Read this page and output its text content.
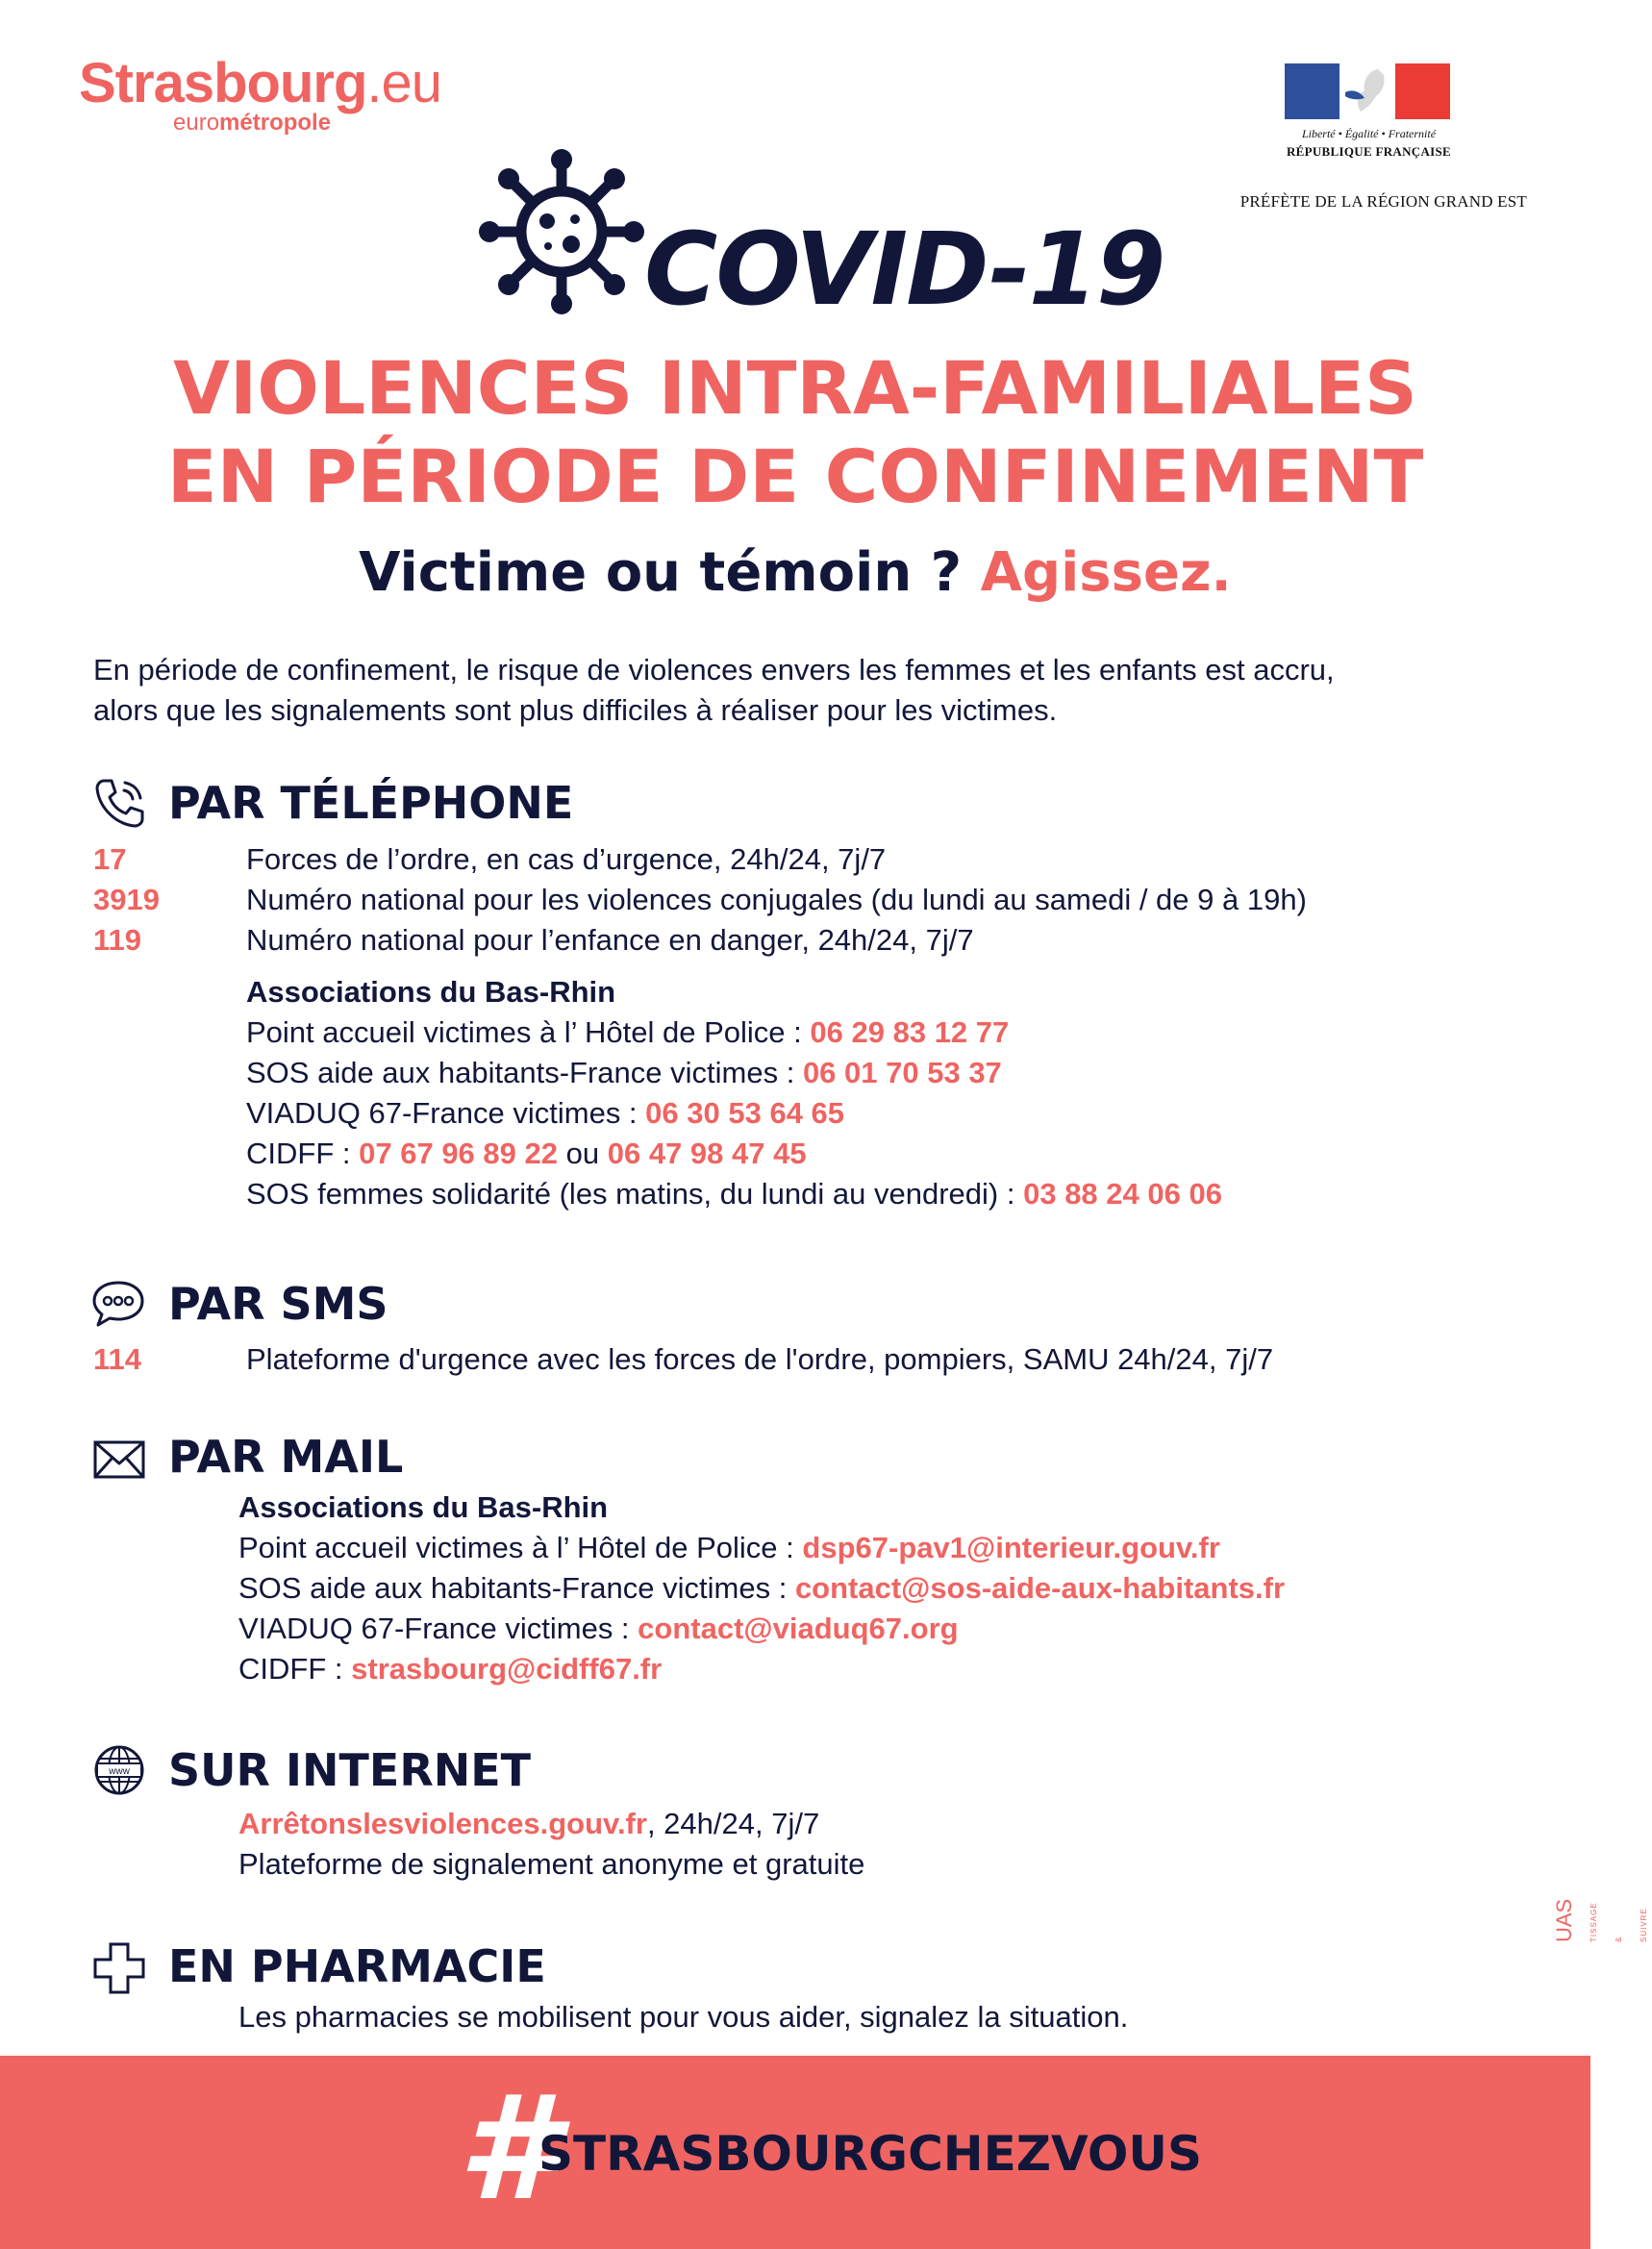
Strasbourg.eu
eurométropole	Liberté • Égalité • Fraternité
RÉPUBLIQUE FRANÇAISE
PRÉFÈTE DE LA RÉGION GRAND EST
COVID-19
VIOLENCES INTRA-FAMILIALES
EN PÉRIODE DE CONFINEMENT
Victime ou témoin ? Agissez.
En période de confinement, le risque de violences envers les femmes et les enfants est accru,
alors que les signalements sont plus difficiles à réaliser pour les victimes.
PAR TÉLÉPHONE
17	Forces de l’ordre, en cas d’urgence, 24h/24, 7j/7
3919	Numéro national pour les violences conjugales (du lundi au samedi / de 9 à 19h)
119	Numéro national pour l’enfance en danger, 24h/24, 7j/7
Associations du Bas-Rhin
Point accueil victimes à l’ Hôtel de Police : 06 29 83 12 77
SOS aide aux habitants-France victimes : 06 01 70 53 37
VIADUQ 67-France victimes : 06 30 53 64 65
CIDFF : 07 67 96 89 22 ou 06 47 98 47 45
SOS femmes solidarité (les matins, du lundi au vendredi) : 03 88 24 06 06
PAR SMS
114	Plateforme d'urgence avec les forces de l'ordre, pompiers, SAMU 24h/24, 7j/7
PAR MAIL
Associations du Bas-Rhin
Point accueil victimes à l’ Hôtel de Police : dsp67-pav1@interieur.gouv.fr
SOS aide aux habitants-France victimes : contact@sos-aide-aux-habitants.fr
VIADUQ 67-France victimes : contact@viaduq67.org
CIDFF : strasbourg@cidff67.fr
www SUR INTERNET
Arrêtonslesviolences.gouv.fr, 24h/24, 7j/7
Plateforme de signalement anonyme et gratuite
EN PHARMACIE
Les pharmacies se mobilisent pour vous aider, signalez la situation.
UAS TISSAGE & SUIVRE
#
STRASBOURGCHEZVOUS
